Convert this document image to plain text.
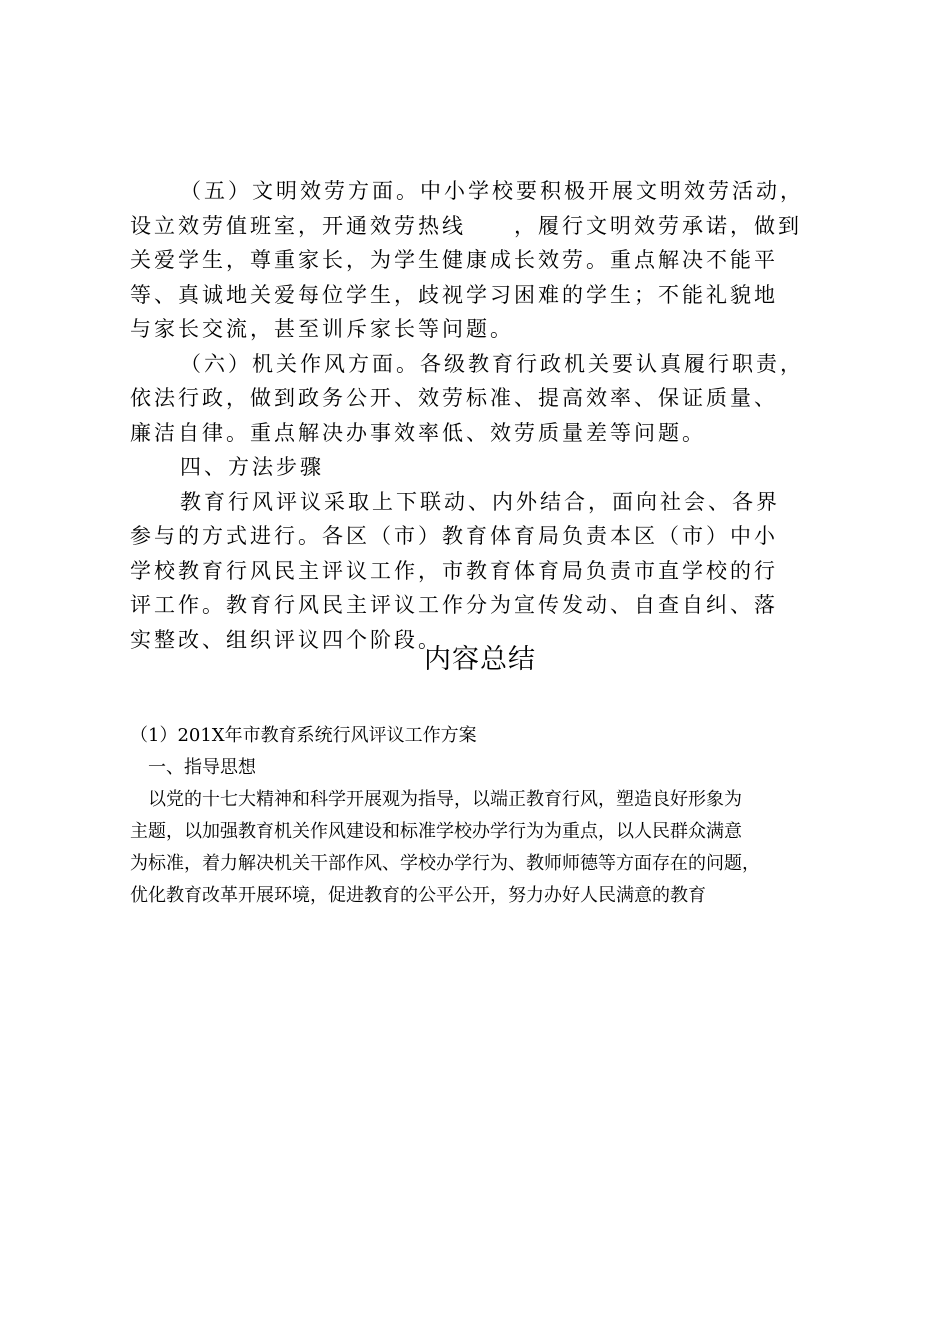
（五）文明效劳方面。中小学校要积极开展文明效劳活动，
设立效劳值班室，开通效劳热线　　，履行文明效劳承诺，做到
关爱学生，尊重家长，为学生健康成长效劳。重点解决不能平
等、真诚地关爱每位学生，歧视学习困难的学生；不能礼貌地
与家长交流，甚至训斥家长等问题。
（六）机关作风方面。各级教育行政机关要认真履行职责，
依法行政，做到政务公开、效劳标准、提高效率、保证质量、
廉洁自律。重点解决办事效率低、效劳质量差等问题。
四、方法步骤
教育行风评议采取上下联动、内外结合，面向社会、各界
参与的方式进行。各区（市）教育体育局负责本区（市）中小
学校教育行风民主评议工作，市教育体育局负责市直学校的行
评工作。教育行风民主评议工作分为宣传发动、自查自纠、落
实整改、组织评议四个阶段。
内容总结
（1）201X年市教育系统行风评议工作方案
一、指导思想
以党的十七大精神和科学开展观为指导，以端正教育行风，塑造良好形象为
主题，以加强教育机关作风建设和标准学校办学行为为重点，以人民群众满意
为标准，着力解决机关干部作风、学校办学行为、教师师德等方面存在的问题，
优化教育改革开展环境，促进教育的公平公开，努力办好人民满意的教育
